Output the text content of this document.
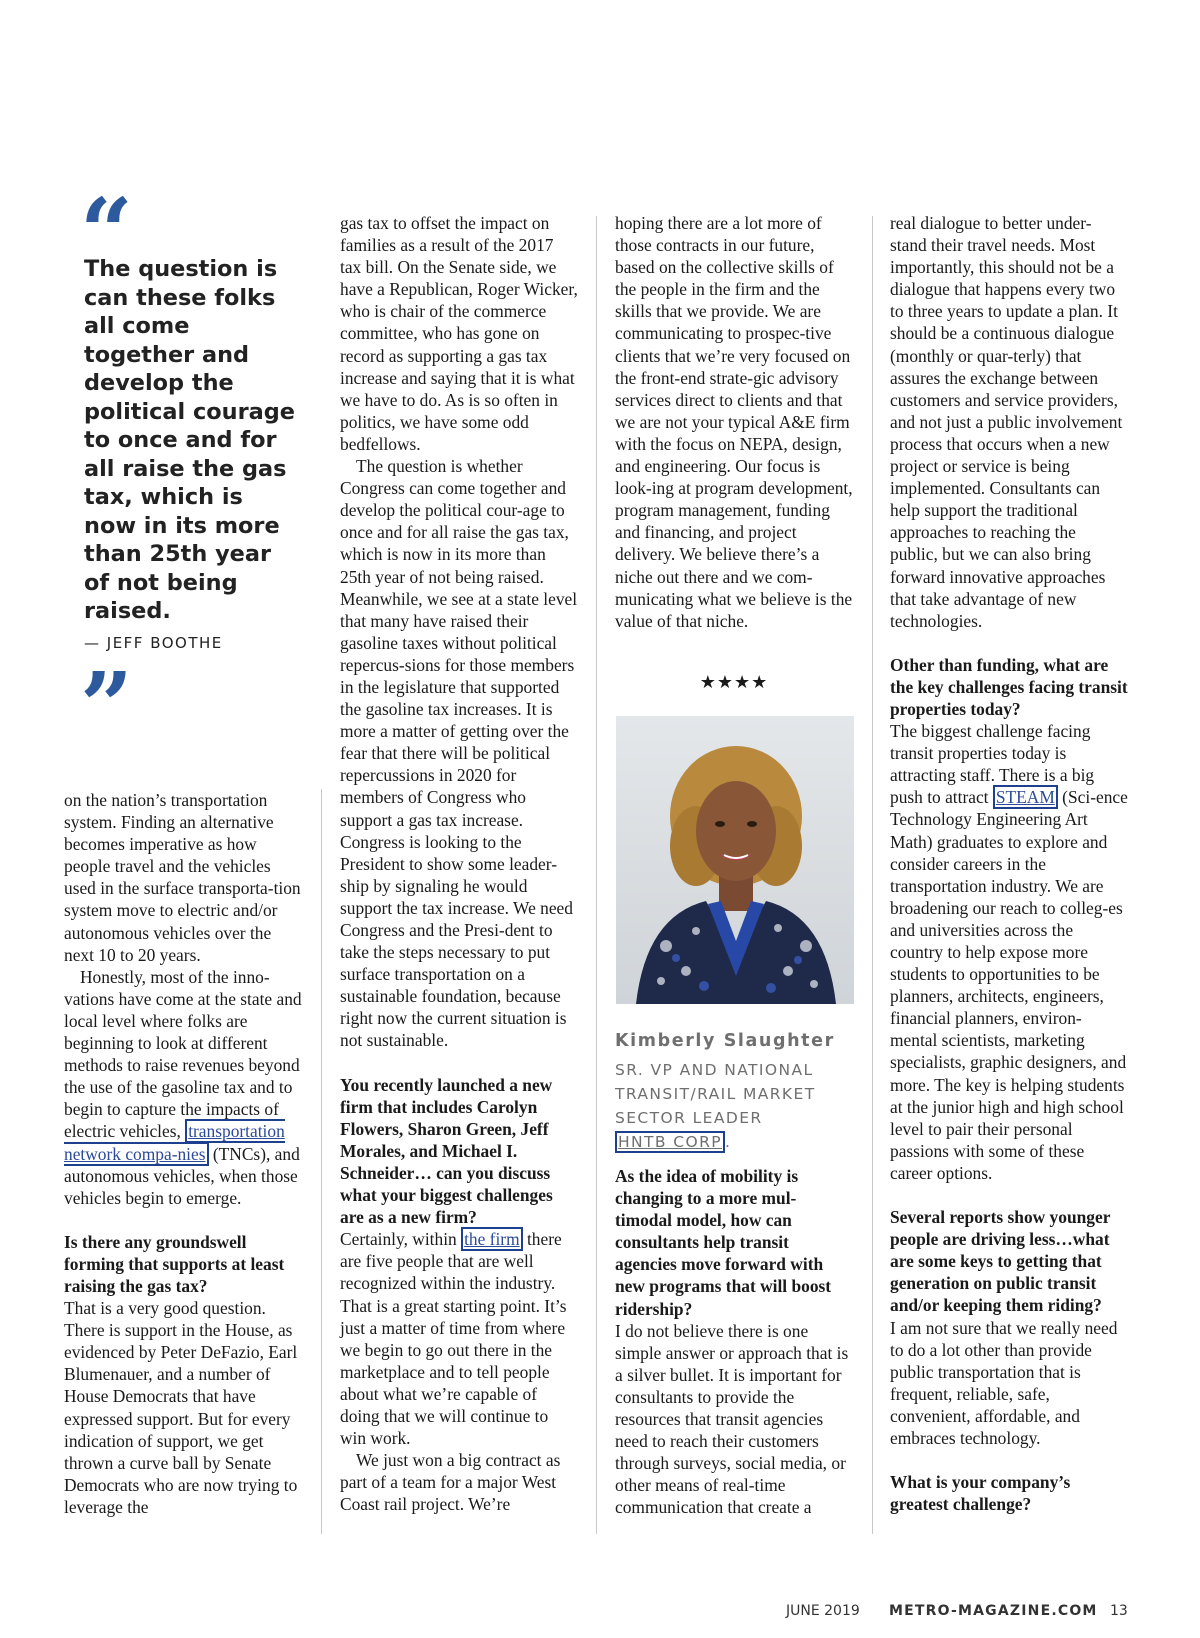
“
The question is can these folks all come together and develop the political courage to once and for all raise the gas tax, which is now in its more than 25th year of not being raised.
— JEFF BOOTHE
”

on the nation’s transportation system. Finding an alternative becomes imperative as how people travel and the vehicles used in the surface transporta-tion system move to electric and/or autonomous vehicles over the next 10 to 20 years.

Honestly, most of the inno-vations have come at the state and local level where folks are beginning to look at different methods to raise revenues beyond the use of the gasoline tax and to begin to capture the impacts of electric vehicles, transportation network compa-nies (TNCs), and autonomous vehicles, when those vehicles begin to emerge.

Is there any groundswell forming that supports at least raising the gas tax?

That is a very good question. There is support in the House, as evidenced by Peter DeFazio, Earl Blumenauer, and a number of House Democrats that have expressed support. But for every indication of support, we get thrown a curve ball by Senate Democrats who are now trying to leverage the

gas tax to offset the impact on families as a result of the 2017 tax bill. On the Senate side, we have a Republican, Roger Wicker, who is chair of the commerce committee, who has gone on record as supporting a gas tax increase and saying that it is what we have to do. As is so often in politics, we have some odd bedfellows.

The question is whether Congress can come together and develop the political cour-age to once and for all raise the gas tax, which is now in its more than 25th year of not being raised. Meanwhile, we see at a state level that many have raised their gasoline taxes without political repercus-sions for those members in the legislature that supported the gasoline tax increases. It is more a matter of getting over the fear that there will be political repercussions in 2020 for members of Congress who support a gas tax increase. Congress is looking to the President to show some leader-ship by signaling he would support the tax increase. We need Congress and the Presi-dent to take the steps necessary to put surface transportation on a sustainable foundation, because right now the current situation is not sustainable.

You recently launched a new firm that includes Carolyn Flowers, Sharon Green, Jeff Morales, and Michael I. Schneider… can you discuss what your biggest challenges are as a new firm?

Certainly, within the firm there are five people that are well recognized within the industry. That is a great starting point. It’s just a matter of time from where we begin to go out there in the marketplace and to tell people about what we’re capable of doing that we will continue to win work.

We just won a big contract as part of a team for a major West Coast rail project. We’re

hoping there are a lot more of those contracts in our future, based on the collective skills of the people in the firm and the skills that we provide. We are communicating to prospec-tive clients that we’re very focused on the front-end strate-gic advisory services direct to clients and that we are not your typical A&E firm with the focus on NEPA, design, and engineering. Our focus is look-ing at program development, program management, funding and financing, and project delivery. We believe there’s a niche out there and we com-municating what we believe is the value of that niche.

★★★★
Kimberly Slaughter
SR. VP AND NATIONAL TRANSIT/RAIL MARKET SECTOR LEADER
HNTB CORP .

As the idea of mobility is changing to a more mul-timodal model, how can consultants help transit agencies move forward with new programs that will boost ridership?

I do not believe there is one simple answer or approach that is a silver bullet. It is important for consultants to provide the resources that transit agencies need to reach their customers through surveys, social media, or other means of real-time communication that create a

real dialogue to better under-stand their travel needs. Most importantly, this should not be a dialogue that happens every two to three years to update a plan. It should be a continuous dialogue (monthly or quar-terly) that assures the exchange between customers and service providers, and not just a public involvement process that occurs when a new project or service is being implemented. Consultants can help support the traditional approaches to reaching the public, but we can also bring forward innovative approaches that take advantage of new technologies.

Other than funding, what are the key challenges facing transit properties today?

The biggest challenge facing transit properties today is attracting staff. There is a big push to attract STEAM (Sci-ence Technology Engineering Art Math) graduates to explore and consider careers in the transportation industry. We are broadening our reach to colleg-es and universities across the country to help expose more students to opportunities to be planners, architects, engineers, financial planners, environ-mental scientists, marketing specialists, graphic designers, and more. The key is helping students at the junior high and high school level to pair their personal passions with some of these career options.

Several reports show younger people are driving less…what are some keys to getting that generation on public transit and/or keeping them riding?

I am not sure that we really need to do a lot other than provide public transportation that is frequent, reliable, safe, convenient, affordable, and embraces technology.

What is your company’s greatest challenge?

JUNE 2019 METRO-MAGAZINE.COM 13
